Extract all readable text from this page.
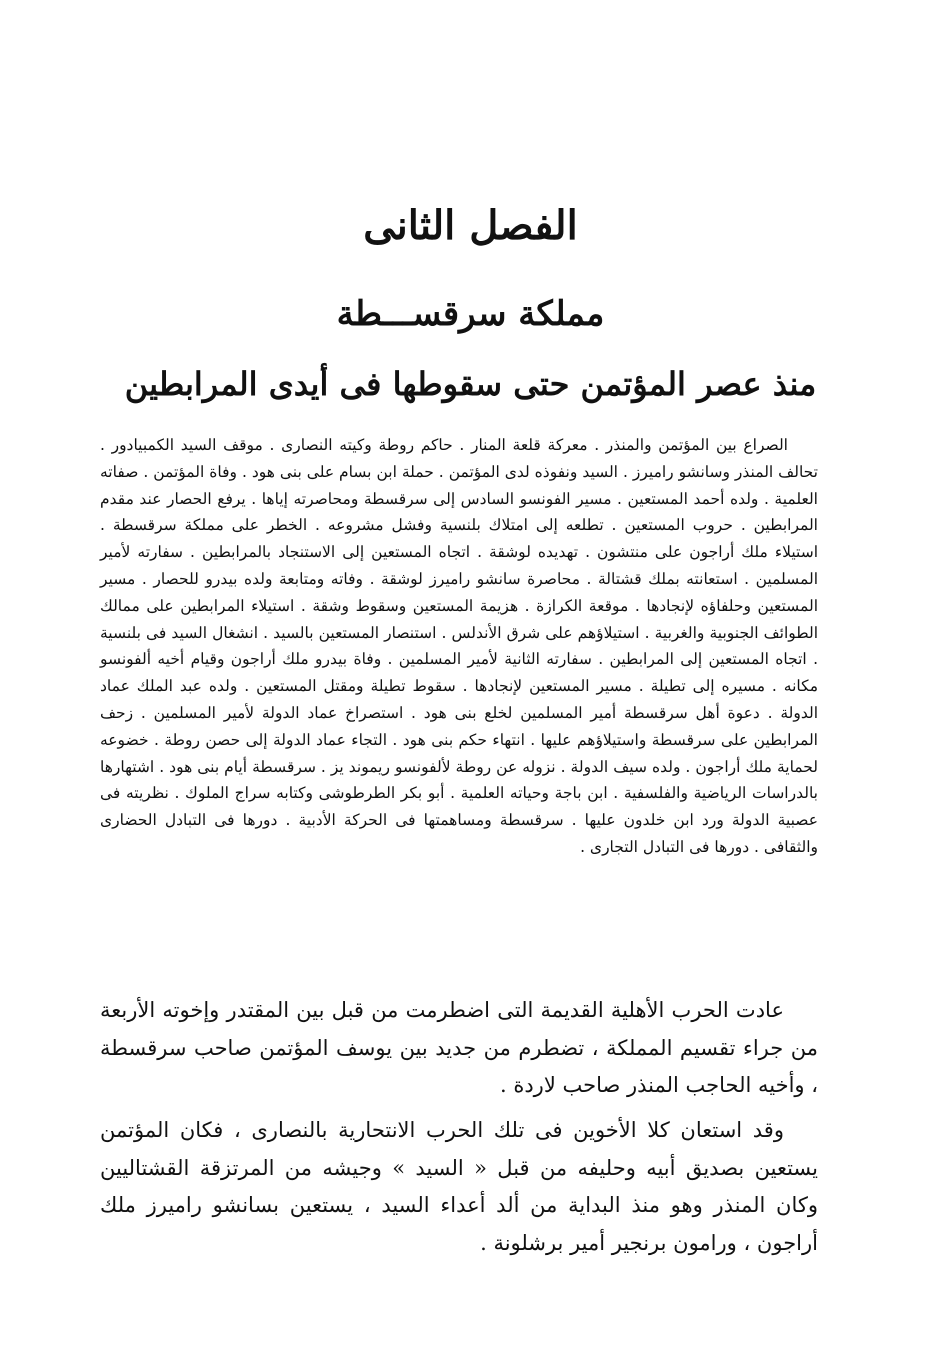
الفصل الثانى
مملكة سرقســـطة
منذ عصر المؤتمن حتى سقوطها فى أيدى المرابطين

الصراع بين المؤتمن والمنذر . معركة قلعة المنار . حاكم روطة وكيته النصارى . موقف السيد الكمبيادور . تحالف المنذر وسانشو راميرز . السيد ونفوذه لدى المؤتمن . حملة ابن بسام على بنى هود . وفاة المؤتمن . صفاته العلمية . ولده أحمد المستعين . مسير الفونسو السادس إلى سرقسطة ومحاصرته إياها . يرفع الحصار عند مقدم المرابطين . حروب المستعين . تطلعه إلى امتلاك بلنسية وفشل مشروعه . الخطر على مملكة سرقسطة . استيلاء ملك أراجون على منتشون . تهديده لوشقة . اتجاه المستعين إلى الاستنجاد بالمرابطين . سفارته لأمير المسلمين . استعانته بملك قشتالة . محاصرة سانشو راميرز لوشقة . وفاته ومتابعة ولده بيدرو للحصار . مسير المستعين وحلفاؤه لإنجادها . موقعة الكرازة . هزيمة المستعين وسقوط وشقة . استيلاء المرابطين على ممالك الطوائف الجنوبية والغربية . استيلاؤهم على شرق الأندلس . استنصار المستعين بالسيد . انشغال السيد فى بلنسية . اتجاه المستعين إلى المرابطين . سفارته الثانية لأمير المسلمين . وفاة بيدرو ملك أراجون وقيام أخيه ألفونسو مكانه . مسيره إلى تطيلة . مسير المستعين لإنجادها . سقوط تطيلة ومقتل المستعين . ولده عبد الملك عماد الدولة . دعوة أهل سرقسطة أمير المسلمين لخلع بنى هود . استصراخ عماد الدولة لأمير المسلمين . زحف المرابطين على سرقسطة واستيلاؤهم عليها . انتهاء حكم بنى هود . التجاء عماد الدولة إلى حصن روطة . خضوعه لحماية ملك أراجون . ولده سيف الدولة . نزوله عن روطة لألفونسو ريموند يز . سرقسطة أيام بنى هود . اشتهارها بالدراسات الرياضية والفلسفية . ابن باجة وحياته العلمية . أبو بكر الطرطوشى وكتابه سراج الملوك . نظريته فى عصبية الدولة ورد ابن خلدون عليها . سرقسطة ومساهمتها فى الحركة الأدبية . دورها فى التبادل الحضارى والثقافى . دورها فى التبادل التجارى .

عادت الحرب الأهلية القديمة التى اضطرمت من قبل بين المقتدر وإخوته الأربعة من جراء تقسيم المملكة ، تضطرم من جديد بين يوسف المؤتمن صاحب سرقسطة ، وأخيه الحاجب المنذر صاحب لاردة .

وقد استعان كلا الأخوين فى تلك الحرب الانتحارية بالنصارى ، فكان المؤتمن يستعين بصديق أبيه وحليفه من قبل « السيد » وجيشه من المرتزقة القشتاليين وكان المنذر وهو منذ البداية من ألد أعداء السيد ، يستعين بسانشو راميرز ملك أراجون ، ورامون برنجير أمير برشلونة .
